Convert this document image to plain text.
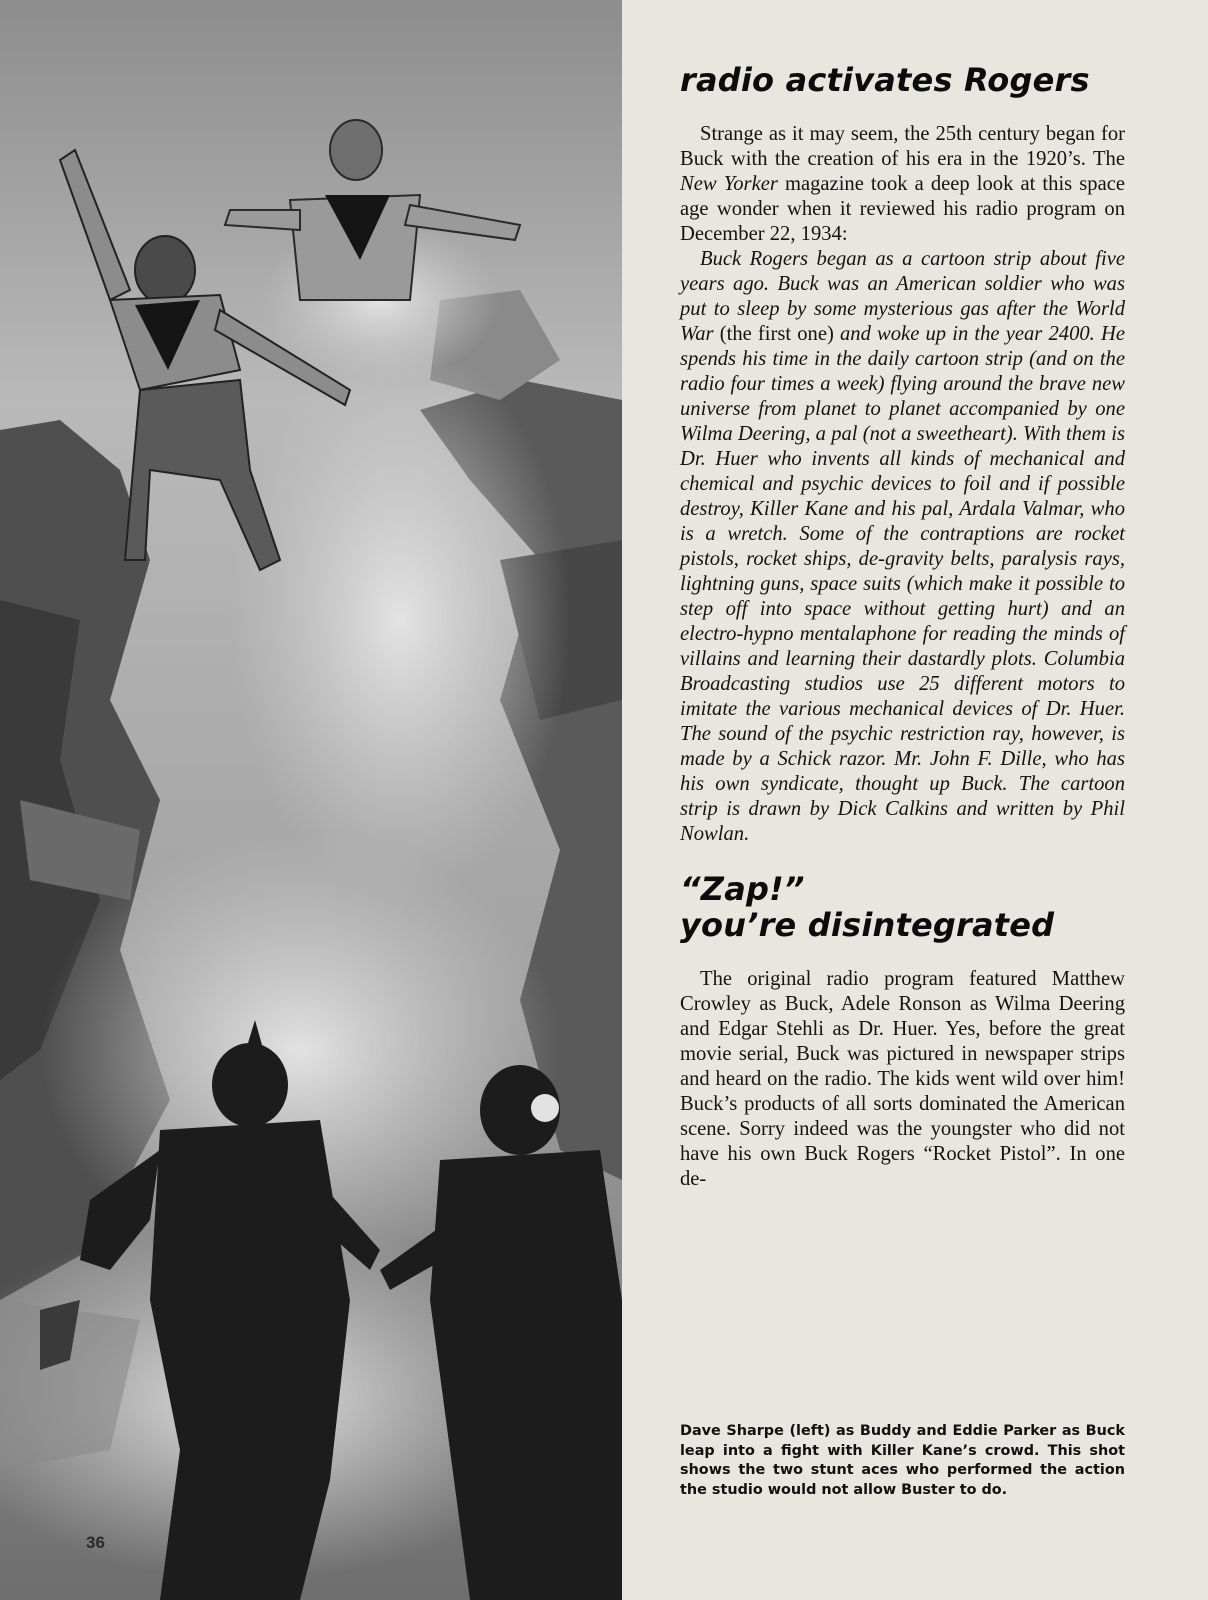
36
radio activates Rogers

Strange as it may seem, the 25th century began for Buck with the creation of his era in the 1920’s. The New Yorker magazine took a deep look at this space age wonder when it reviewed his radio program on December 22, 1934:

Buck Rogers began as a cartoon strip about five years ago. Buck was an American soldier who was put to sleep by some mysterious gas after the World War (the first one) and woke up in the year 2400. He spends his time in the daily cartoon strip (and on the radio four times a week) flying around the brave new universe from planet to planet accompanied by one Wilma Deering, a pal (not a sweetheart). With them is Dr. Huer who invents all kinds of mechanical and chemical and psychic devices to foil and if possible destroy, Killer Kane and his pal, Ardala Valmar, who is a wretch. Some of the contraptions are rocket pistols, rocket ships, de-gravity belts, paralysis rays, lightning guns, space suits (which make it possible to step off into space without getting hurt) and an electro-hypno mentalaphone for reading the minds of villains and learning their dastardly plots. Columbia Broadcasting studios use 25 different motors to imitate the various mechanical devices of Dr. Huer. The sound of the psychic restriction ray, however, is made by a Schick razor. Mr. John F. Dille, who has his own syndicate, thought up Buck. The cartoon strip is drawn by Dick Calkins and written by Phil Nowlan.

“Zap!”
you’re disintegrated

The original radio program featured Matthew Crowley as Buck, Adele Ronson as Wilma Deering and Edgar Stehli as Dr. Huer. Yes, before the great movie serial, Buck was pictured in newspaper strips and heard on the radio. The kids went wild over him! Buck’s products of all sorts dominated the American scene. Sorry indeed was the youngster who did not have his own Buck Rogers “Rocket Pistol”. In one de-

Dave Sharpe (left) as Buddy and Eddie Parker as Buck leap into a fight with Killer Kane’s crowd. This shot shows the two stunt aces who performed the action the studio would not allow Buster to do.
